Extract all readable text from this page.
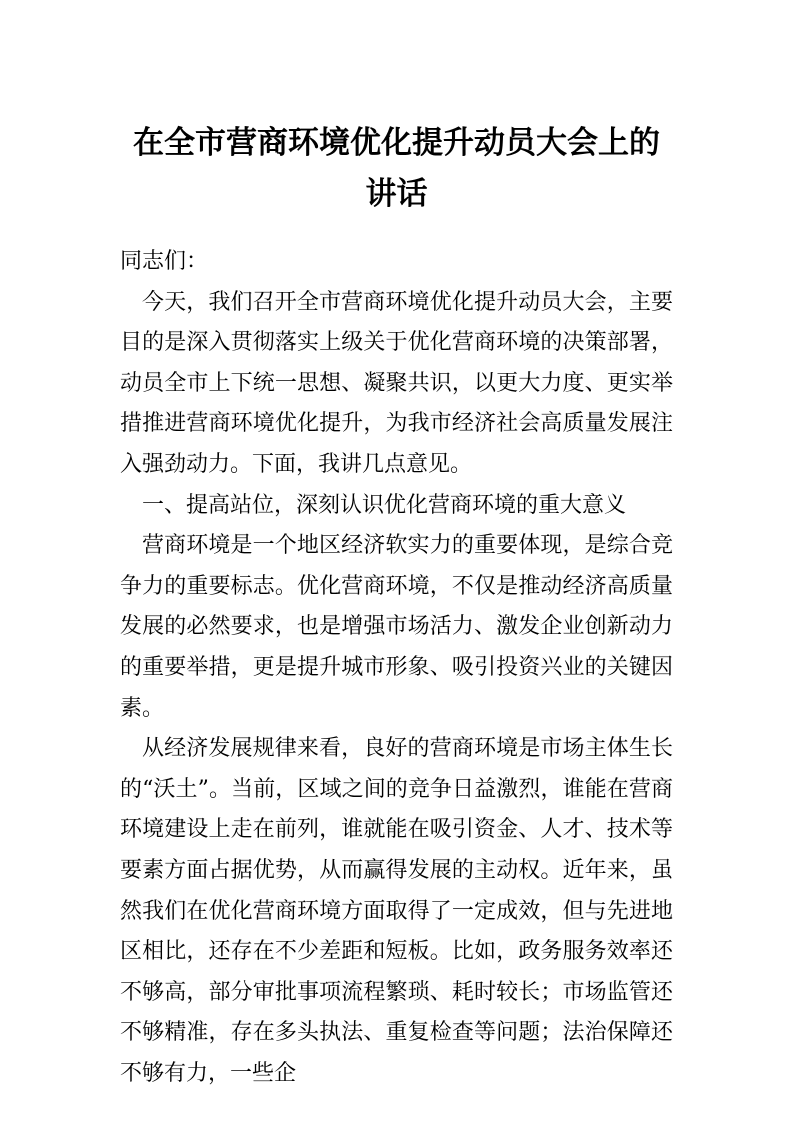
在全市营商环境优化提升动员大会上的讲话

同志们：

今天，我们召开全市营商环境优化提升动员大会，主要目的是深入贯彻落实上级关于优化营商环境的决策部署，动员全市上下统一思想、凝聚共识，以更大力度、更实举措推进营商环境优化提升，为我市经济社会高质量发展注入强劲动力。下面，我讲几点意见。

一、提高站位，深刻认识优化营商环境的重大意义

营商环境是一个地区经济软实力的重要体现，是综合竞争力的重要标志。优化营商环境，不仅是推动经济高质量发展的必然要求，也是增强市场活力、激发企业创新动力的重要举措，更是提升城市形象、吸引投资兴业的关键因素。

从经济发展规律来看，良好的营商环境是市场主体生长的“沃土”。当前，区域之间的竞争日益激烈，谁能在营商环境建设上走在前列，谁就能在吸引资金、人才、技术等要素方面占据优势，从而赢得发展的主动权。近年来，虽然我们在优化营商环境方面取得了一定成效，但与先进地区相比，还存在不少差距和短板。比如，政务服务效率还不够高，部分审批事项流程繁琐、耗时较长；市场监管还不够精准，存在多头执法、重复检查等问题；法治保障还不够有力，一些企
